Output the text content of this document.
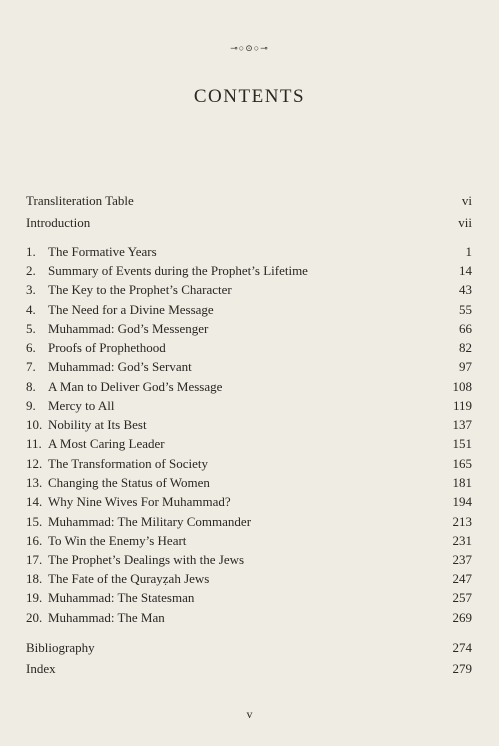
⊸○⊙○⊸
CONTENTS
Transliteration Table	vi
Introduction	vii
1. The Formative Years	1
2. Summary of Events during the Prophet’s Lifetime	14
3. The Key to the Prophet’s Character	43
4. The Need for a Divine Message	55
5. Muhammad: God’s Messenger	66
6. Proofs of Prophethood	82
7. Muhammad: God’s Servant	97
8. A Man to Deliver God’s Message	108
9. Mercy to All	119
10. Nobility at Its Best	137
11. A Most Caring Leader	151
12. The Transformation of Society	165
13. Changing the Status of Women	181
14. Why Nine Wives For Muhammad?	194
15. Muhammad: The Military Commander	213
16. To Win the Enemy’s Heart	231
17. The Prophet’s Dealings with the Jews	237
18. The Fate of the Qurayẓah Jews	247
19. Muhammad: The Statesman	257
20. Muhammad: The Man	269
Bibliography	274
Index	279
v
